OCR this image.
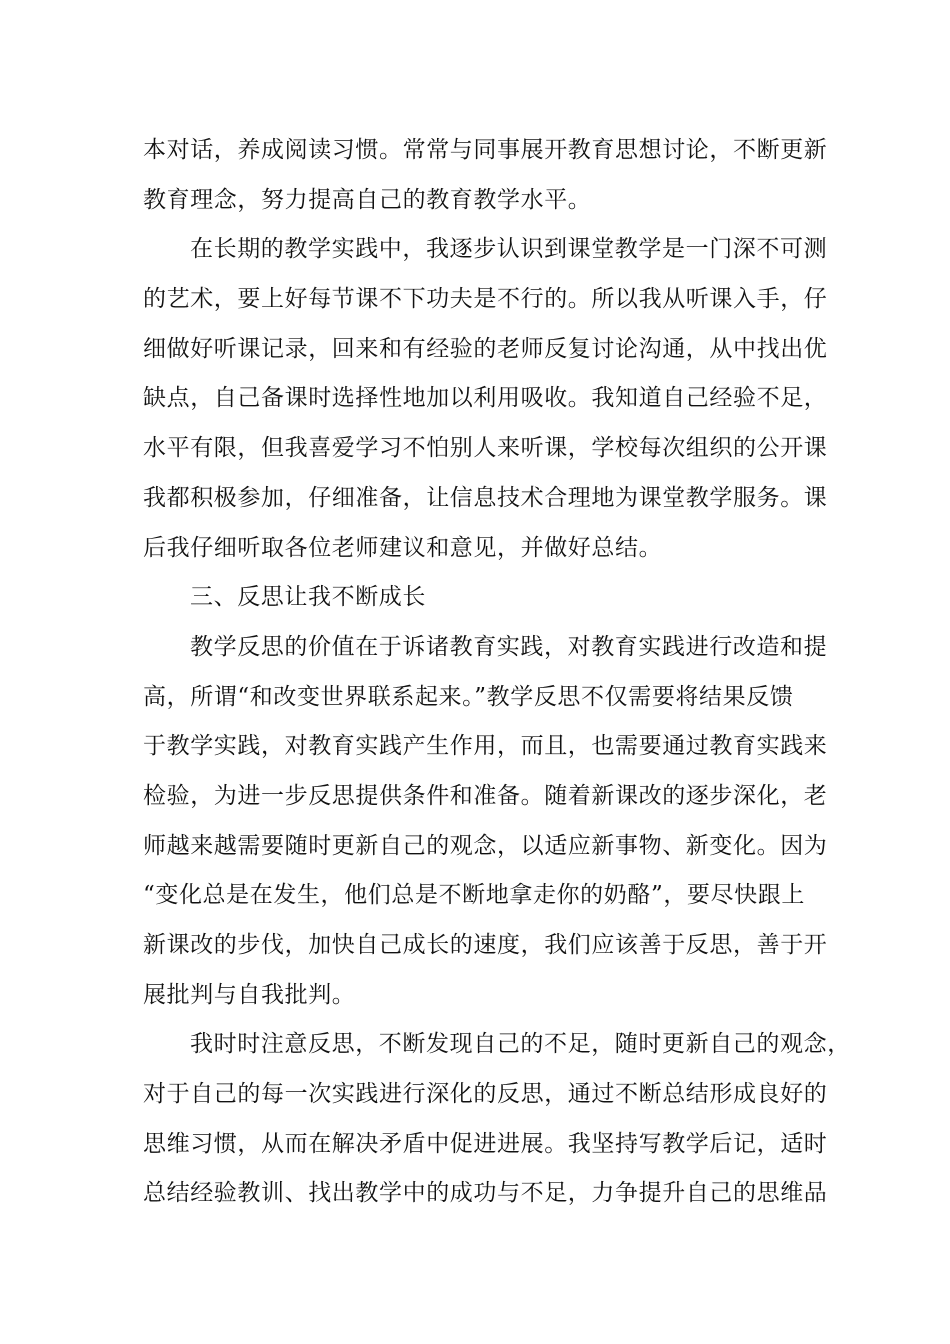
本对话，养成阅读习惯。常常与同事展开教育思想讨论，不断更新
教育理念，努力提高自己的教育教学水平。
在长期的教学实践中，我逐步认识到课堂教学是一门深不可测
的艺术，要上好每节课不下功夫是不行的。所以我从听课入手，仔
细做好听课记录，回来和有经验的老师反复讨论沟通，从中找出优
缺点，自己备课时选择性地加以利用吸收。我知道自己经验不足，
水平有限，但我喜爱学习不怕别人来听课，学校每次组织的公开课
我都积极参加，仔细准备，让信息技术合理地为课堂教学服务。课
后我仔细听取各位老师建议和意见，并做好总结。
三、反思让我不断成长
教学反思的价值在于诉诸教育实践，对教育实践进行改造和提
高，所谓“和改变世界联系起来。”教学反思不仅需要将结果反馈
于教学实践，对教育实践产生作用，而且，也需要通过教育实践来
检验，为进一步反思提供条件和准备。随着新课改的逐步深化，老
师越来越需要随时更新自己的观念，以适应新事物、新变化。因为
“变化总是在发生，他们总是不断地拿走你的奶酪”，要尽快跟上
新课改的步伐，加快自己成长的速度，我们应该善于反思，善于开
展批判与自我批判。
我时时注意反思，不断发现自己的不足，随时更新自己的观念，
对于自己的每一次实践进行深化的反思，通过不断总结形成良好的
思维习惯，从而在解决矛盾中促进进展。我坚持写教学后记，适时
总结经验教训、找出教学中的成功与不足，力争提升自己的思维品
